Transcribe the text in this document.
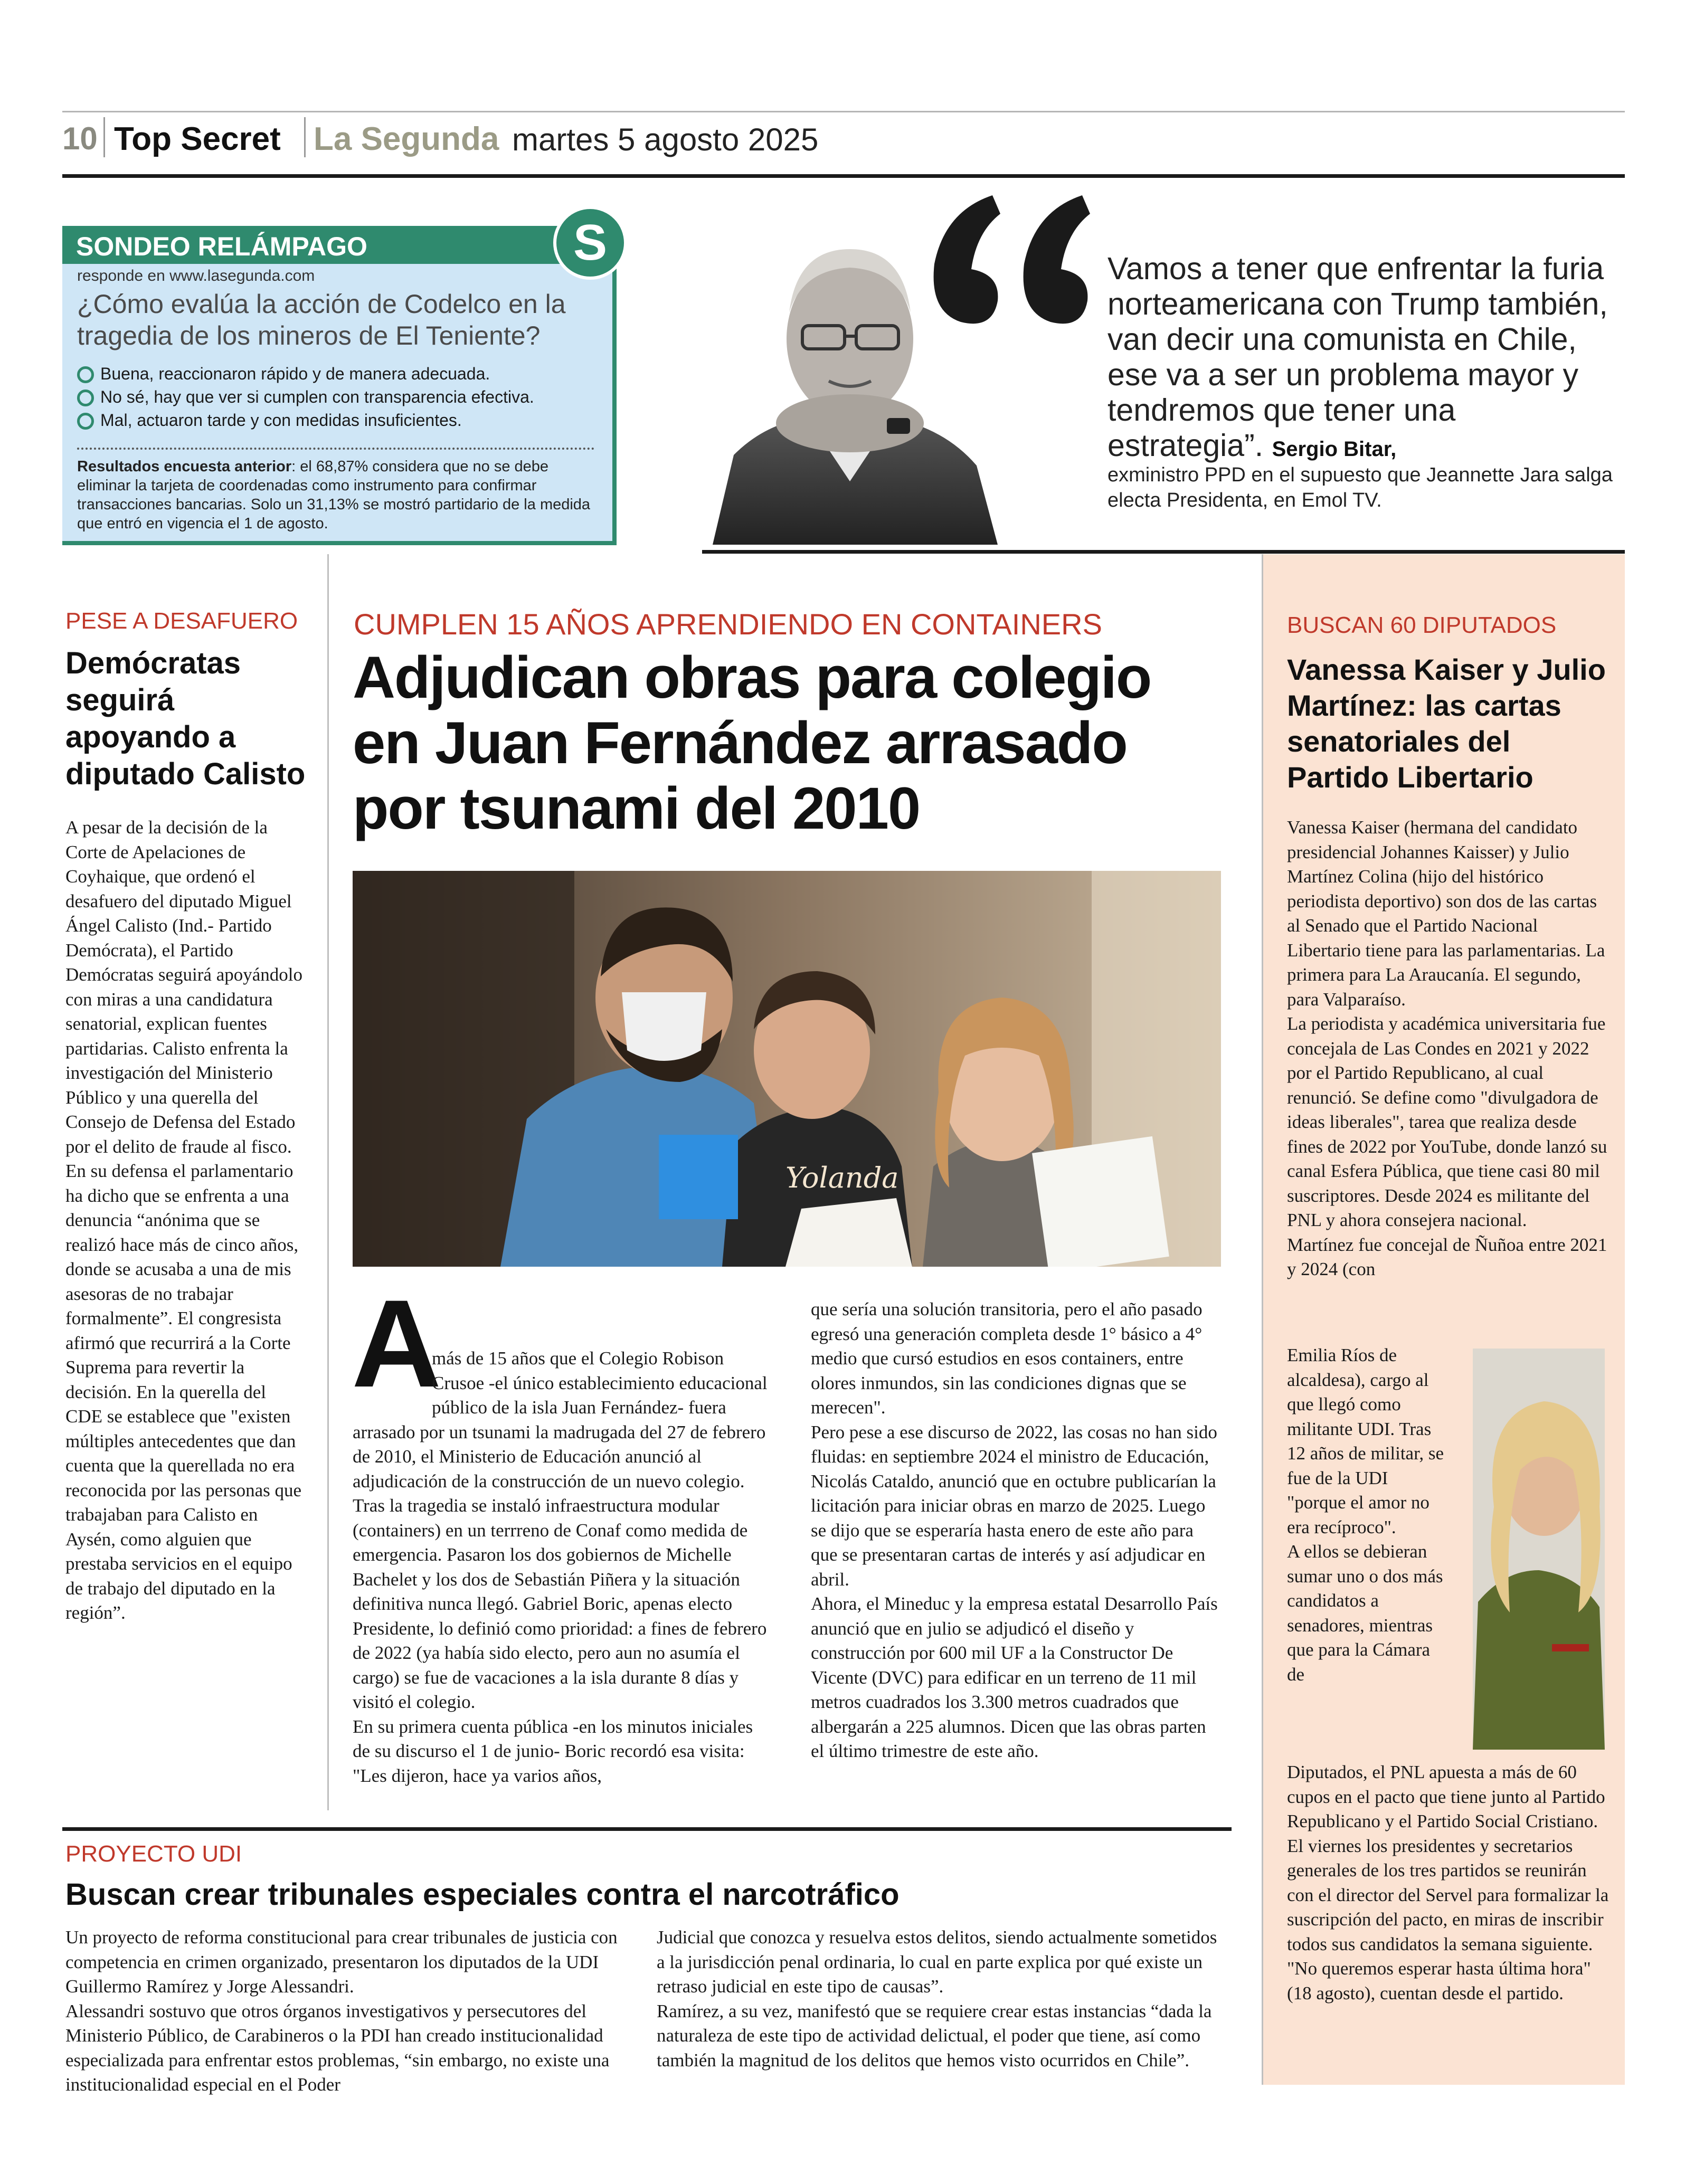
10 Top Secret La Segunda martes 5 agosto 2025
SONDEO RELÁMPAGO	S
responde en www.lasegunda.com
¿Cómo evalúa la acción de Codelco en la tragedia de los mineros de El Teniente?
Buena, reaccionaron rápido y de manera adecuada.
No sé, hay que ver si cumplen con transparencia efectiva.
Mal, actuaron tarde y con medidas insuficientes.
Resultados encuesta anterior: el 68,87% considera que no se debe eliminar la tarjeta de coordenadas como instrumento para confirmar transacciones bancarias. Solo un 31,13% se mostró partidario de la medida que entró en vigencia el 1 de agosto.
Vamos a tener que enfrentar la furia norteamericana con Trump también, van decir una comunista en Chile, ese va a ser un problema mayor y tendremos que tener una estrategia”. Sergio Bitar,
exministro PPD en el supuesto que Jeannette Jara salga electa Presidenta, en Emol TV.
PESE A DESAFUERO
Demócratas seguirá apoyando a diputado Calisto
A pesar de la decisión de la Corte de Apelaciones de Coyhaique, que ordenó el desafuero del diputado Miguel Ángel Calisto (Ind.- Partido Demócrata), el Partido Demócratas seguirá apoyándolo con miras a una candidatura senatorial, explican fuentes partidarias. Calisto enfrenta la investigación del Ministerio Público y una querella del Consejo de Defensa del Estado por el delito de fraude al fisco.
En su defensa el parlamentario ha dicho que se enfrenta a una denuncia “anónima que se realizó hace más de cinco años, donde se acusaba a una de mis asesoras de no trabajar formalmente”. El congresista afirmó que recurrirá a la Corte Suprema para revertir la decisión. En la querella del CDE se establece que "existen múltiples antecedentes que dan cuenta que la querellada no era reconocida por las personas que trabajaban para Calisto en Aysén, como alguien que prestaba servicios en el equipo de trabajo del diputado en la región”.
CUMPLEN 15 AÑOS APRENDIENDO EN CONTAINERS
Adjudican obras para colegio en Juan Fernández arrasado por tsunami del 2010
Yolanda
A

más de 15 años que el Colegio Robison Crusoe -el único establecimiento educacional público de la isla Juan Fernández- fuera arrasado por un tsunami la madrugada del 27 de febrero de 2010, el Ministerio de Educación anunció al adjudicación de la construcción de un nuevo colegio.
Tras la tragedia se instaló infraestructura modular (containers) en un terrreno de Conaf como medida de emergencia. Pasaron los dos gobiernos de Michelle Bachelet y los dos de Sebastián Piñera y la situación definitiva nunca llegó. Gabriel Boric, apenas electo Presidente, lo definió como prioridad: a fines de febrero de 2022 (ya había sido electo, pero aun no asumía el cargo) se fue de vacaciones a la isla durante 8 días y visitó el colegio.
En su primera cuenta pública -en los minutos iniciales de su discurso el 1 de junio- Boric recordó esa visita: "Les dijeron, hace ya varios años,

que sería una solución transitoria, pero el año pasado egresó una generación completa desde 1° básico a 4° medio que cursó estudios en esos containers, entre olores inmundos, sin las condiciones dignas que se merecen".
Pero pese a ese discurso de 2022, las cosas no han sido fluidas: en septiembre 2024 el ministro de Educación, Nicolás Cataldo, anunció que en octubre publicarían la licitación para iniciar obras en marzo de 2025. Luego se dijo que se esperaría hasta enero de este año para que se presentaran cartas de interés y así adjudicar en abril.
Ahora, el Mineduc y la empresa estatal Desarrollo País anunció que en julio se adjudicó el diseño y construcción por 600 mil UF a la Constructor De Vicente (DVC) para edificar en un terreno de 11 mil metros cuadrados los 3.300 metros cuadrados que albergarán a 225 alumnos. Dicen que las obras parten el último trimestre de este año.
BUSCAN 60 DIPUTADOS
Vanessa Kaiser y Julio Martínez: las cartas senatoriales del Partido Libertario
Vanessa Kaiser (hermana del candidato presidencial Johannes Kaisser) y Julio Martínez Colina (hijo del histórico periodista deportivo) son dos de las cartas al Senado que el Partido Nacional Libertario tiene para las parlamentarias. La primera para La Araucanía. El segundo, para Valparaíso.
La periodista y académica universitaria fue concejala de Las Condes en 2021 y 2022 por el Partido Republicano, al cual renunció. Se define como "divulgadora de ideas liberales", tarea que realiza desde fines de 2022 por YouTube, donde lanzó su canal Esfera Pública, que tiene casi 80 mil suscriptores. Desde 2024 es militante del PNL y ahora consejera nacional.
Martínez fue concejal de Ñuñoa entre 2021 y 2024 (con
Emilia Ríos de alcaldesa), cargo al que llegó como militante UDI. Tras 12 años de militar, se fue de la UDI "porque el amor no era recíproco".
A ellos se debieran sumar uno o dos más candidatos a senadores, mientras que para la Cámara de
Diputados, el PNL apuesta a más de 60 cupos en el pacto que tiene junto al Partido Republicano y el Partido Social Cristiano.
El viernes los presidentes y secretarios generales de los tres partidos se reunirán con el director del Servel para formalizar la suscripción del pacto, en miras de inscribir todos sus candidatos la semana siguiente. "No queremos esperar hasta última hora" (18 agosto), cuentan desde el partido.
PROYECTO UDI
Buscan crear tribunales especiales contra el narcotráfico
Un proyecto de reforma constitucional para crear tribunales de justicia con competencia en crimen organizado, presentaron los diputados de la UDI Guillermo Ramírez y Jorge Alessandri.
Alessandri sostuvo que otros órganos investigativos y persecutores del Ministerio Público, de Carabineros o la PDI han creado institucionalidad especializada para enfrentar estos problemas, “sin embargo, no existe una institucionalidad especial en el Poder
Judicial que conozca y resuelva estos delitos, siendo actualmente sometidos a la jurisdicción penal ordinaria, lo cual en parte explica por qué existe un retraso judicial en este tipo de causas”.
Ramírez, a su vez, manifestó que se requiere crear estas instancias “dada la naturaleza de este tipo de actividad delictual, el poder que tiene, así como también la magnitud de los delitos que hemos visto ocurridos en Chile”.
